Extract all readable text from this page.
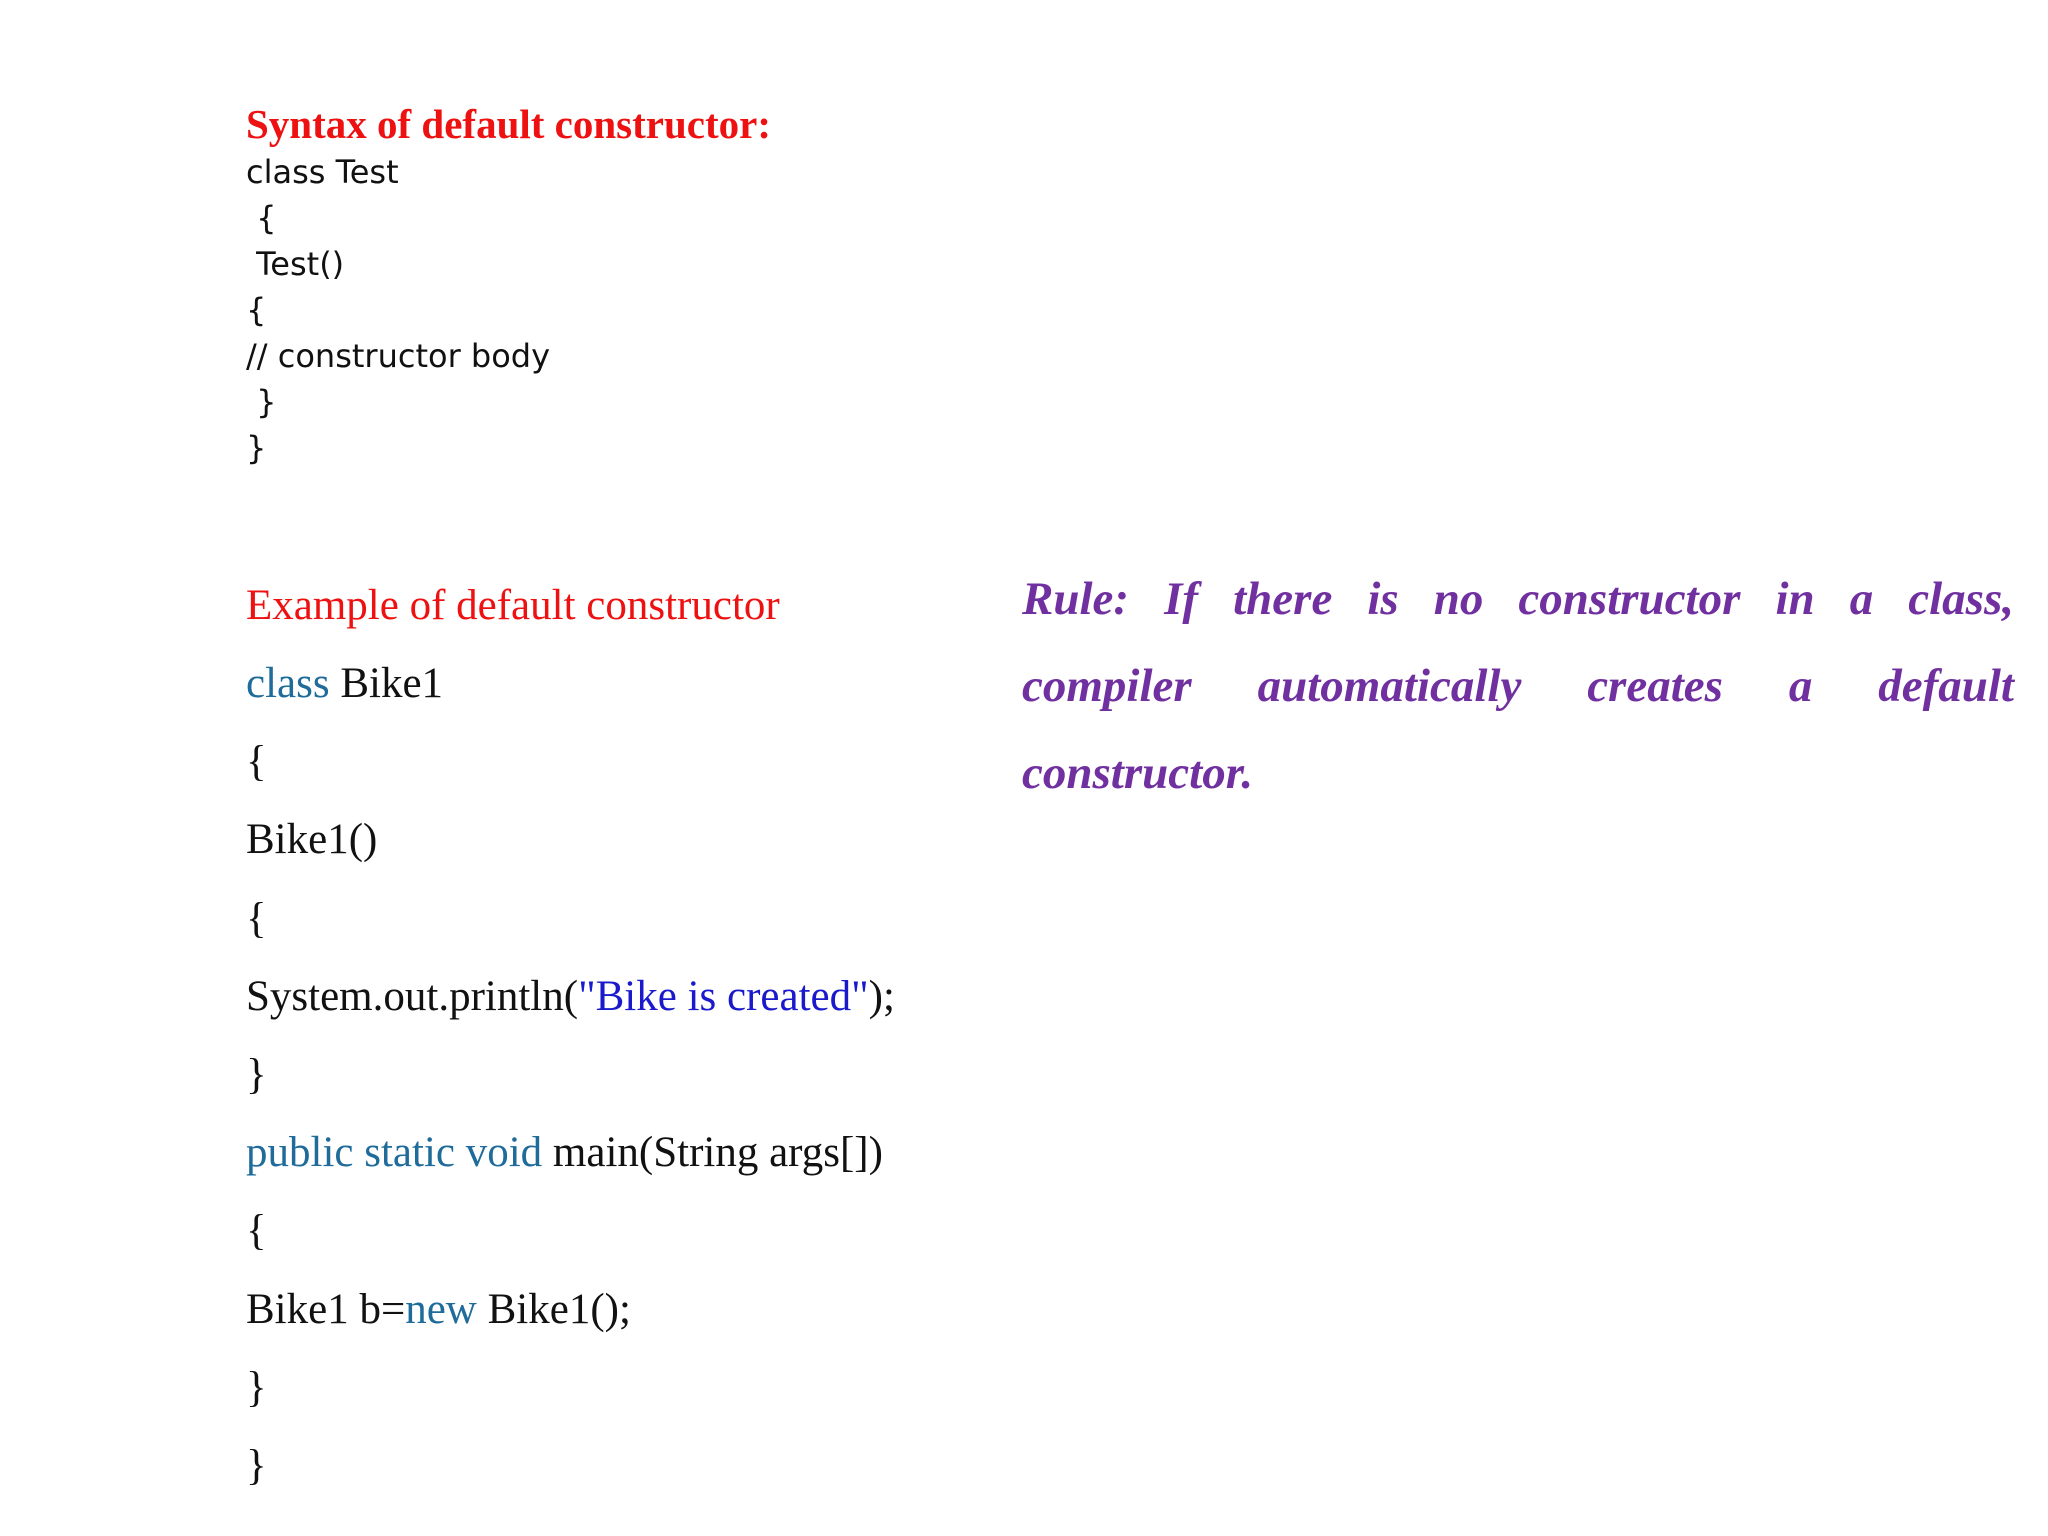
Syntax of default constructor:
class Test
{
Test()
{
// constructor body
}
}
Example of default constructor
class Bike1
{
Bike1()
{
System.out.println("Bike is created");
}
public static void main(String args[])
{
Bike1 b=new Bike1();
}
}
Rule: If there is no constructor in a class, compiler automatically creates a default constructor.
